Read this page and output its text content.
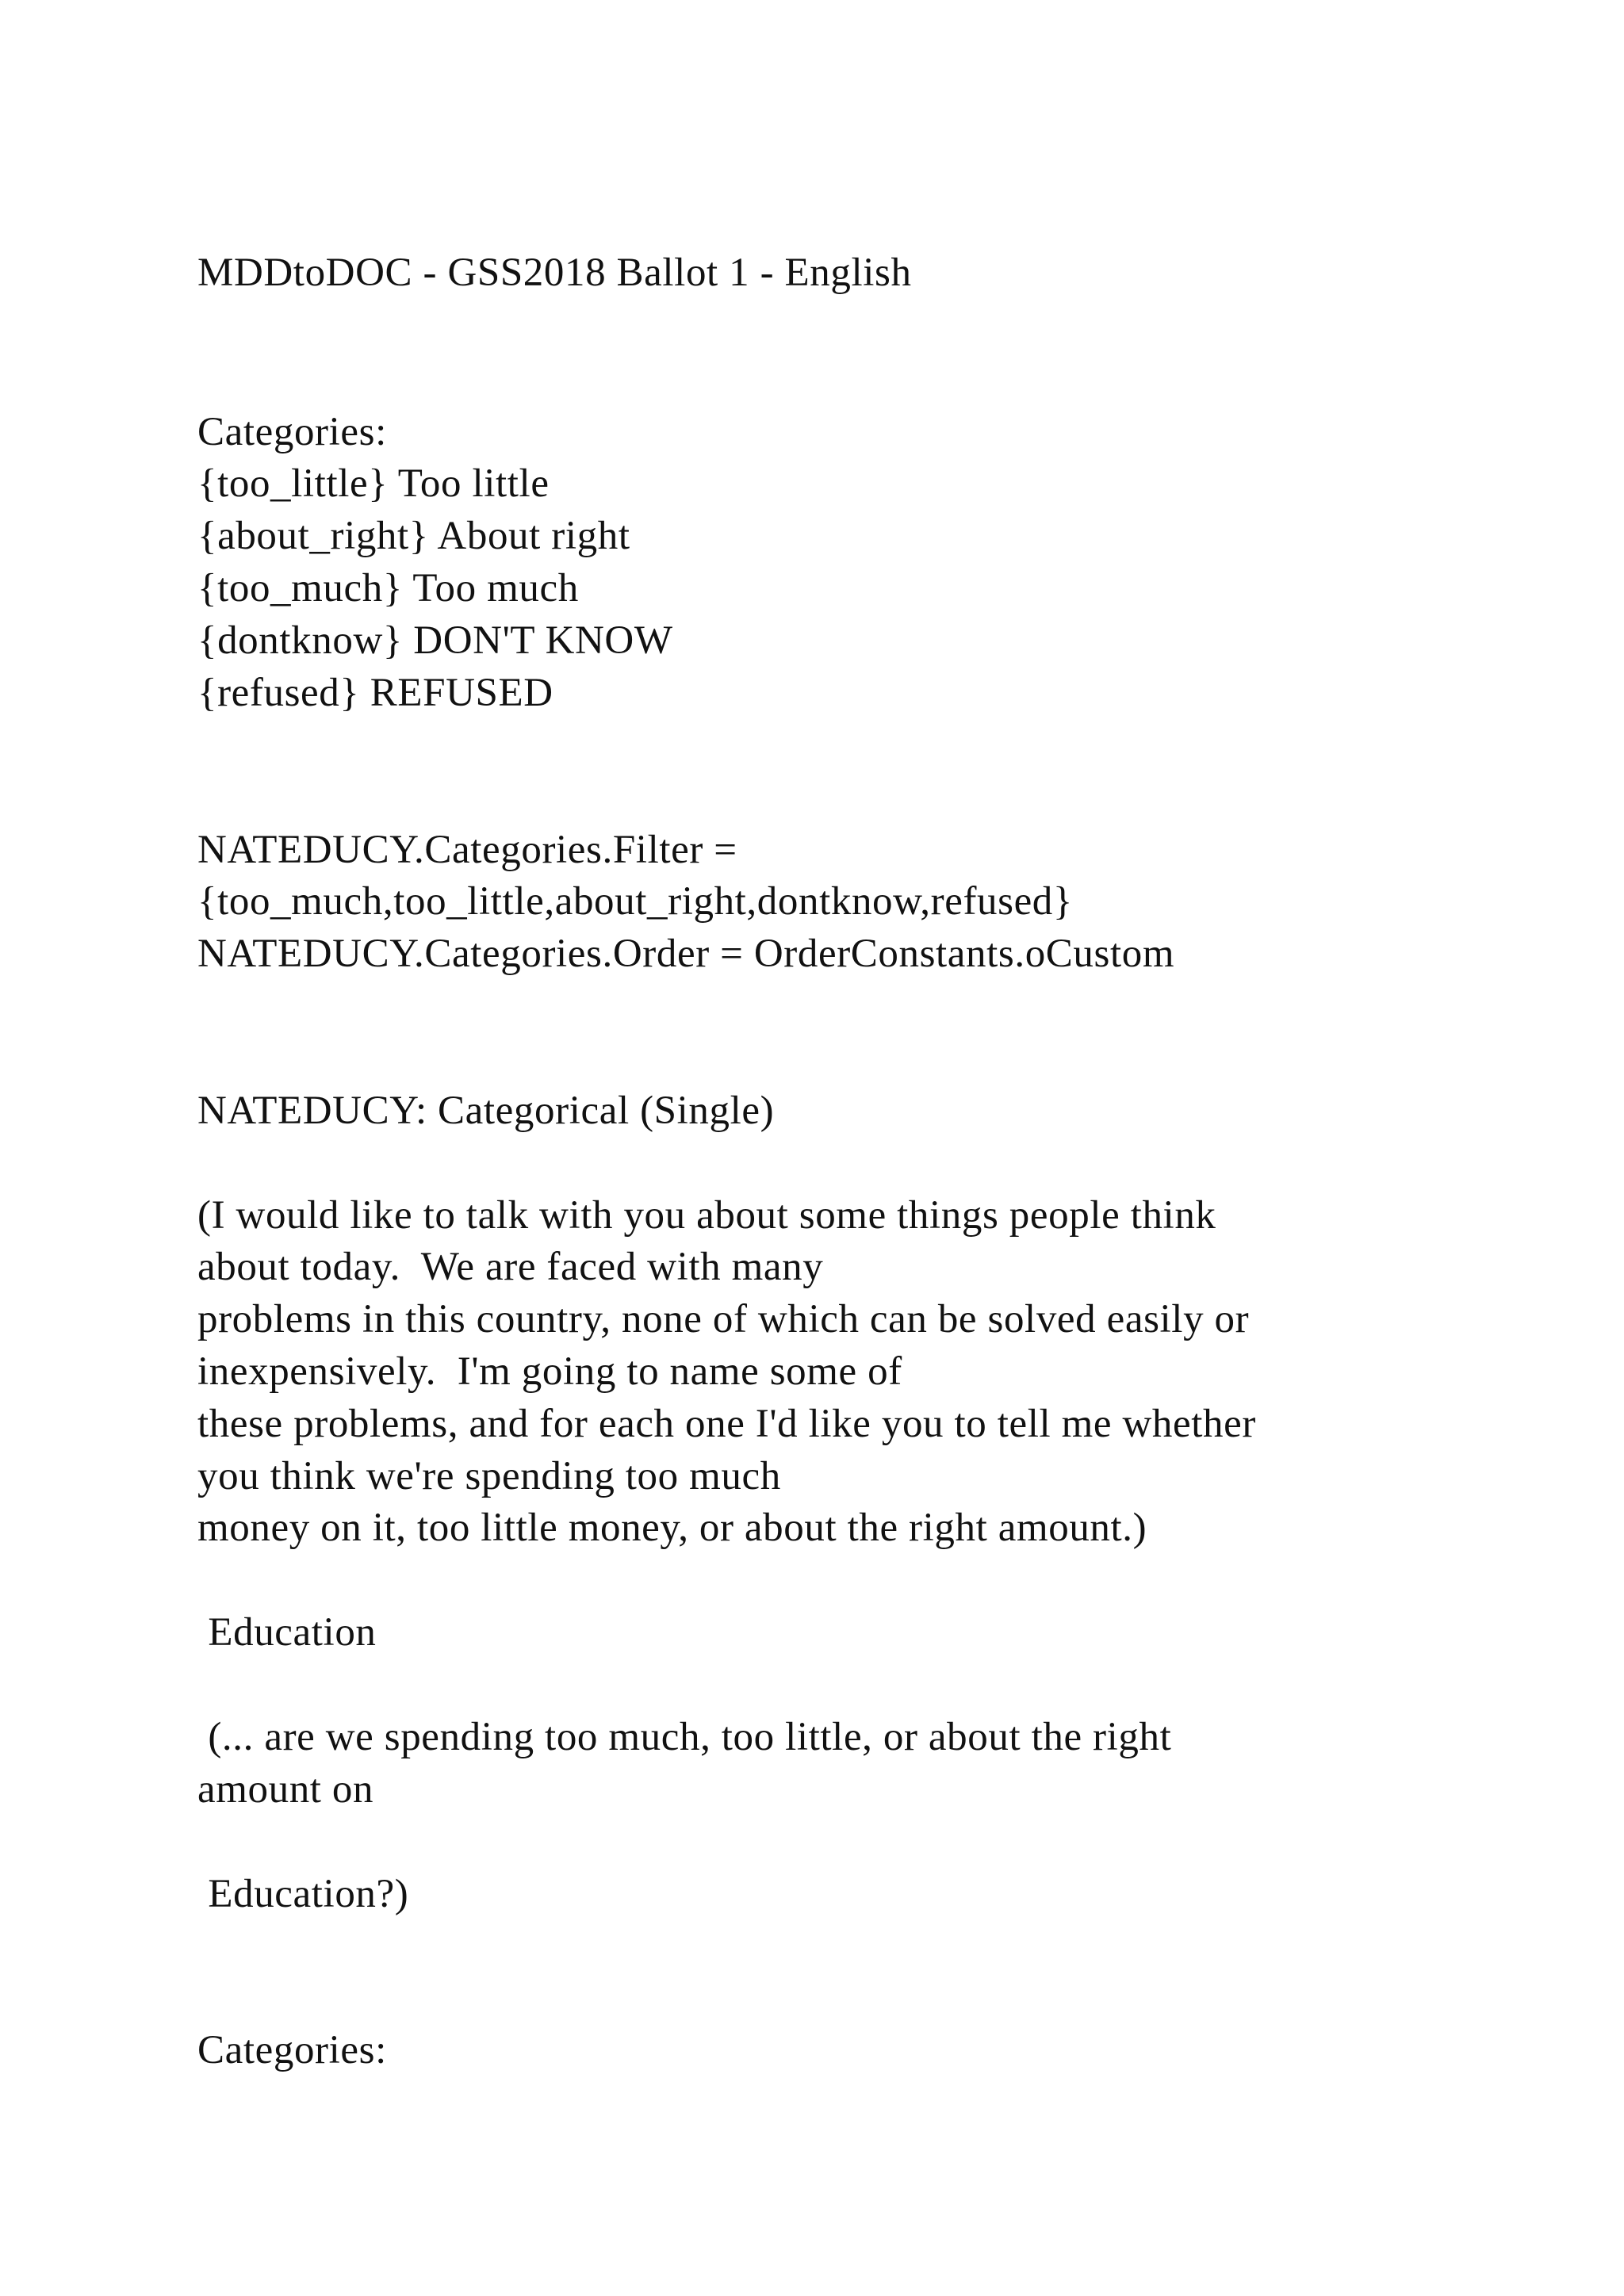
MDDtoDOC - GSS2018 Ballot 1 - English

Categories:

{too_little} Too little

{about_right} About right

{too_much} Too much

{dontknow} DON'T KNOW

{refused} REFUSED

NATEDUCY.Categories.Filter =

{too_much,too_little,about_right,dontknow,refused}

NATEDUCY.Categories.Order = OrderConstants.oCustom

NATEDUCY: Categorical (Single)

(I would like to talk with you about some things people think

about today.  We are faced with many

problems in this country, none of which can be solved easily or

inexpensively.  I'm going to name some of

these problems, and for each one I'd like you to tell me whether

you think we're spending too much

money on it, too little money, or about the right amount.)

Education

(... are we spending too much, too little, or about the right

amount on

Education?)

Categories:
